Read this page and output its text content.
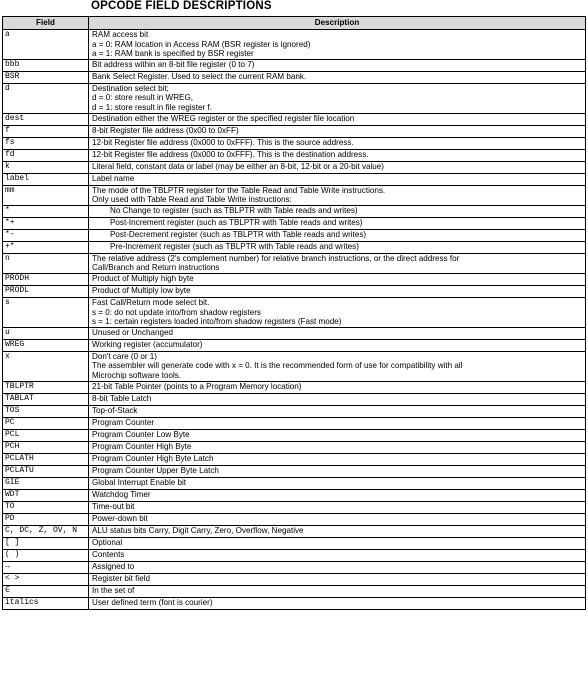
OPCODE FIELD DESCRIPTIONS
Field	Description
a	RAM access bit
a = 0: RAM location in Access RAM (BSR register is ignored)
a = 1: RAM bank is specified by BSR register

bbb	Bit address within an 8-bit file register (0 to 7)

BSR	Bank Select Register. Used to select the current RAM bank.

d	Destination select bit;
d = 0: store result in WREG,
d = 1: store result in file register f.

dest	Destination either the WREG register or the specified register file location

f	8-bit Register file address (0x00 to 0xFF)

fs	12-bit Register file address (0x000 to 0xFFF). This is the source address.

fd	12-bit Register file address (0x000 to 0xFFF). This is the destination address.

k	Literal field, constant data or label (may be either an 8-bit, 12-bit or a 20-bit value)

label	Label name

mm	The mode of the TBLPTR register for the Table Read and Table Write instructions.
Only used with Table Read and Table Write instructions:

*	No Change to register (such as TBLPTR with Table reads and writes)

*+	Post-Increment register (such as TBLPTR with Table reads and writes)

*-	Post-Decrement register (such as TBLPTR with Table reads and writes)

+*	Pre-Increment register (such as TBLPTR with Table reads and writes)

n	The relative address (2's complement number) for relative branch instructions, or the direct address for
Call/Branch and Return instructions

PRODH	Product of Multiply high byte

PRODL	Product of Multiply low byte

s	Fast Call/Return mode select bit.
s = 0: do not update into/from shadow registers
s = 1: certain registers loaded into/from shadow registers (Fast mode)

u	Unused or Unchanged

WREG	Working register (accumulator)

x	Don't care (0 or 1)
The assembler will generate code with x = 0. It is the recommended form of use for compatibility with all
Microchip software tools.

TBLPTR	21-bit Table Pointer (points to a Program Memory location)

TABLAT	8-bit Table Latch

TOS	Top-of-Stack

PC	Program Counter

PCL	Program Counter Low Byte

PCH	Program Counter High Byte

PCLATH	Program Counter High Byte Latch

PCLATU	Program Counter Upper Byte Latch

GIE	Global Interrupt Enable bit

WDT	Watchdog Timer

$\overline{TO}$	Time-out bit

$\overline{PD}$	Power-down bit

C, DC, Z, OV, N	ALU status bits Carry, Digit Carry, Zero, Overflow, Negative

[ ]	Optional

( )	Contents

→	Assigned to

< >	Register bit field

∈	In the set of

italics	User defined term (font is courier)
